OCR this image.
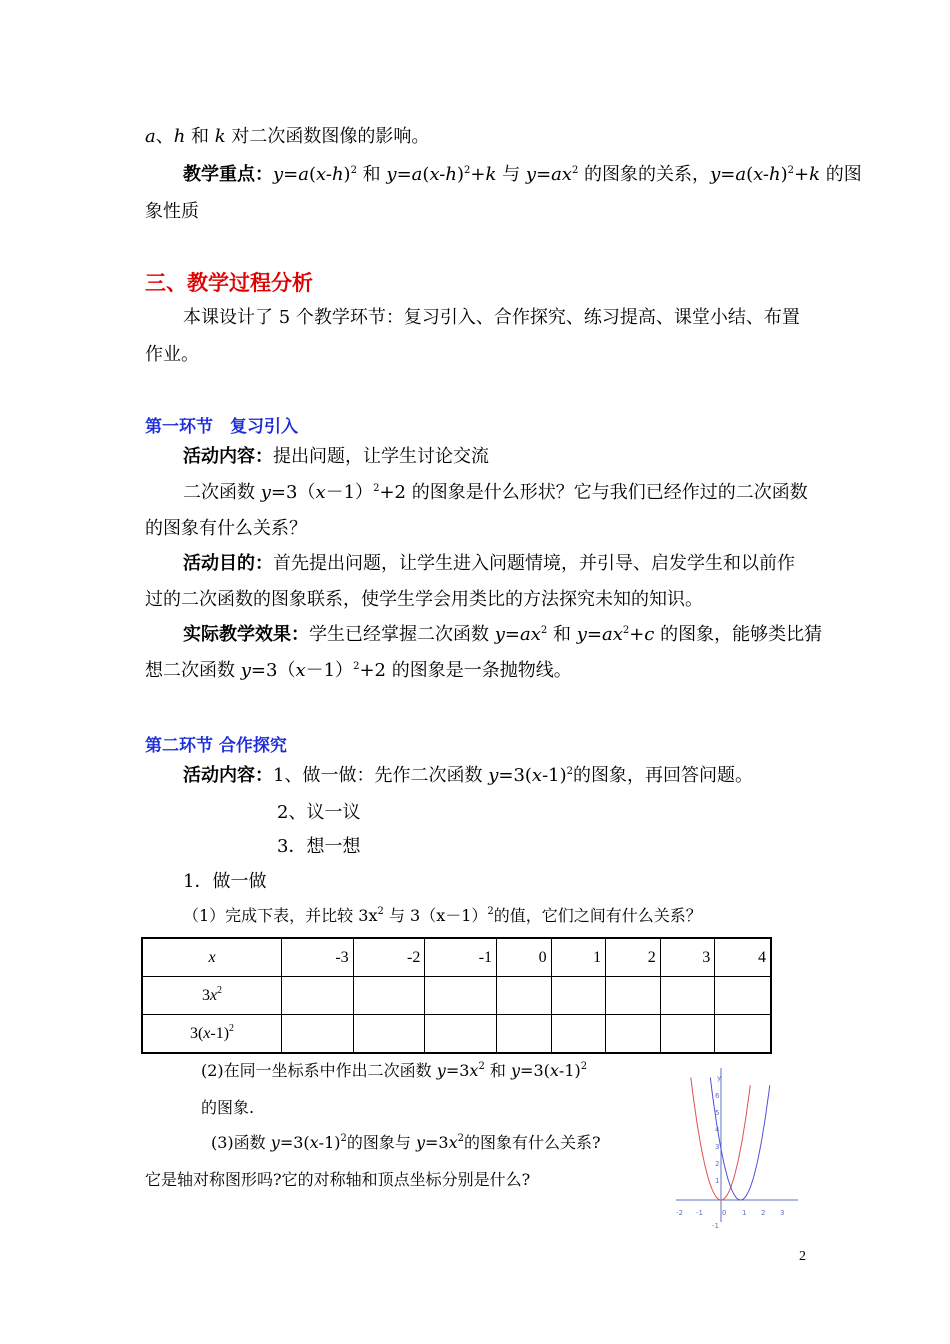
a、h 和 k 对二次函数图像的影响。
教学重点：$y=a(x-h)^2$ 和 $y=a(x-h)^2+k$ 与 $y=ax^2$ 的图象的关系，$y=a(x-h)^2+k$ 的图
象性质
三、教学过程分析
本课设计了 5 个教学环节：复习引入、合作探究、练习提高、课堂小结、布置
作业。
第一环节　复习引入
活动内容：提出问题，让学生讨论交流
二次函数 $y=3(x-1)^2+2$ 的图象是什么形状？它与我们已经作过的二次函数
的图象有什么关系？
活动目的：首先提出问题，让学生进入问题情境，并引导、启发学生和以前作
过的二次函数的图象联系，使学生学会用类比的方法探究未知的知识。
实际教学效果：学生已经掌握二次函数 $y=ax^2$ 和 $y=ax^2+c$ 的图象，能够类比猜
想二次函数 $y=3(x-1)^2+2$ 的图象是一条抛物线。
第二环节 合作探究
活动内容：1、做一做：先作二次函数 $y=3(x-1)^2$的图象，再回答问题。
2、议一议
3．想一想
1．做一做
（1）完成下表，并比较 $3x^2$ 与 $3(x-1)^2$的值，它们之间有什么关系？
x	-3	-2	-1	0	1	2	3	4
$3x^2$								
$3(x-1)^2$								
(2)在同一坐标系中作出二次函数 $y=3x^2$ 和 $y=3(x-1)^2$
的图象.
(3)函数 $y=3(x-1)^2$的图象与 $y=3x^2$的图象有什么关系?
它是轴对称图形吗?它的对称轴和顶点坐标分别是什么?
y
-2 -1	0 1 2 3
-1
1
2
3
4
5
6
2
